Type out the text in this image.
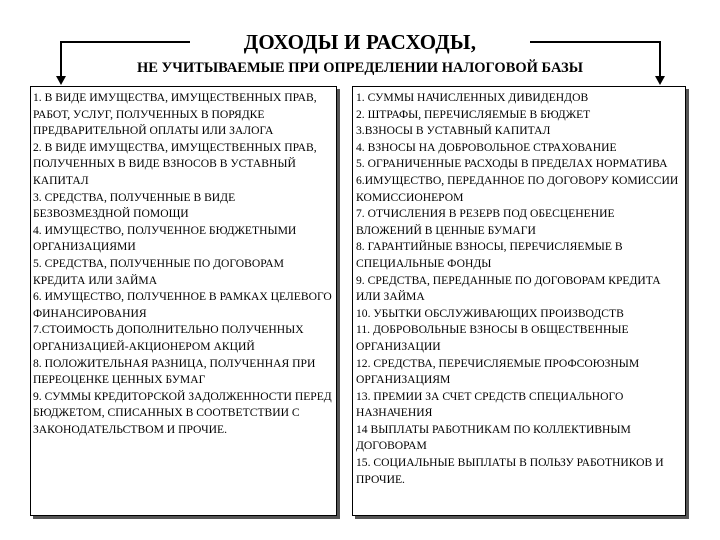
ДОХОДЫ И РАСХОДЫ,
НЕ УЧИТЫВАЕМЫЕ ПРИ ОПРЕДЕЛЕНИИ НАЛОГОВОЙ БАЗЫ
1. В ВИДЕ ИМУЩЕСТВА, ИМУЩЕСТВЕННЫХ ПРАВ, РАБОТ, УСЛУГ, ПОЛУЧЕННЫХ В ПОРЯДКЕ ПРЕДВАРИТЕЛЬНОЙ ОПЛАТЫ ИЛИ ЗАЛОГА
2. В ВИДЕ ИМУЩЕСТВА, ИМУЩЕСТВЕННЫХ ПРАВ, ПОЛУЧЕННЫХ В ВИДЕ ВЗНОСОВ В УСТАВНЫЙ КАПИТАЛ
3. СРЕДСТВА, ПОЛУЧЕННЫЕ В ВИДЕ БЕЗВОЗМЕЗДНОЙ ПОМОЩИ
4. ИМУЩЕСТВО, ПОЛУЧЕННОЕ БЮДЖЕТНЫМИ ОРГАНИЗАЦИЯМИ
5. СРЕДСТВА, ПОЛУЧЕННЫЕ ПО ДОГОВОРАМ КРЕДИТА ИЛИ ЗАЙМА
6. ИМУЩЕСТВО, ПОЛУЧЕННОЕ В РАМКАХ ЦЕЛЕВОГО ФИНАНСИРОВАНИЯ
7.СТОИМОСТЬ ДОПОЛНИТЕЛЬНО ПОЛУЧЕННЫХ ОРГАНИЗАЦИЕЙ-АКЦИОНЕРОМ АКЦИЙ
8. ПОЛОЖИТЕЛЬНАЯ РАЗНИЦА, ПОЛУЧЕННАЯ ПРИ ПЕРЕОЦЕНКЕ ЦЕННЫХ БУМАГ
9. СУММЫ КРЕДИТОРСКОЙ ЗАДОЛЖЕННОСТИ ПЕРЕД БЮДЖЕТОМ, СПИСАННЫХ В СООТВЕТСТВИИ С ЗАКОНОДАТЕЛЬСТВОМ И ПРОЧИЕ.
1. СУММЫ НАЧИСЛЕННЫХ ДИВИДЕНДОВ
2. ШТРАФЫ, ПЕРЕЧИСЛЯЕМЫЕ В БЮДЖЕТ
3.ВЗНОСЫ В УСТАВНЫЙ КАПИТАЛ
4. ВЗНОСЫ НА ДОБРОВОЛЬНОЕ СТРАХОВАНИЕ
5. ОГРАНИЧЕННЫЕ РАСХОДЫ В ПРЕДЕЛАХ НОРМАТИВА
6.ИМУЩЕСТВО, ПЕРЕДАННОЕ ПО ДОГОВОРУ КОМИССИИ КОМИССИОНЕРОМ
7. ОТЧИСЛЕНИЯ В РЕЗЕРВ ПОД ОБЕСЦЕНЕНИЕ ВЛОЖЕНИЙ В ЦЕННЫЕ БУМАГИ
8. ГАРАНТИЙНЫЕ ВЗНОСЫ, ПЕРЕЧИСЛЯЕМЫЕ В СПЕЦИАЛЬНЫЕ ФОНДЫ
9. СРЕДСТВА, ПЕРЕДАННЫЕ ПО ДОГОВОРАМ КРЕДИТА ИЛИ ЗАЙМА
10. УБЫТКИ ОБСЛУЖИВАЮЩИХ ПРОИЗВОДСТВ
11. ДОБРОВОЛЬНЫЕ ВЗНОСЫ В ОБЩЕСТВЕННЫЕ ОРГАНИЗАЦИИ
12. СРЕДСТВА, ПЕРЕЧИСЛЯЕМЫЕ ПРОФСОЮЗНЫМ ОРГАНИЗАЦИЯМ
13. ПРЕМИИ ЗА СЧЕТ СРЕДСТВ СПЕЦИАЛЬНОГО НАЗНАЧЕНИЯ
14 ВЫПЛАТЫ РАБОТНИКАМ ПО КОЛЛЕКТИВНЫМ ДОГОВОРАМ
15. СОЦИАЛЬНЫЕ ВЫПЛАТЫ В ПОЛЬЗУ РАБОТНИКОВ И ПРОЧИЕ.
